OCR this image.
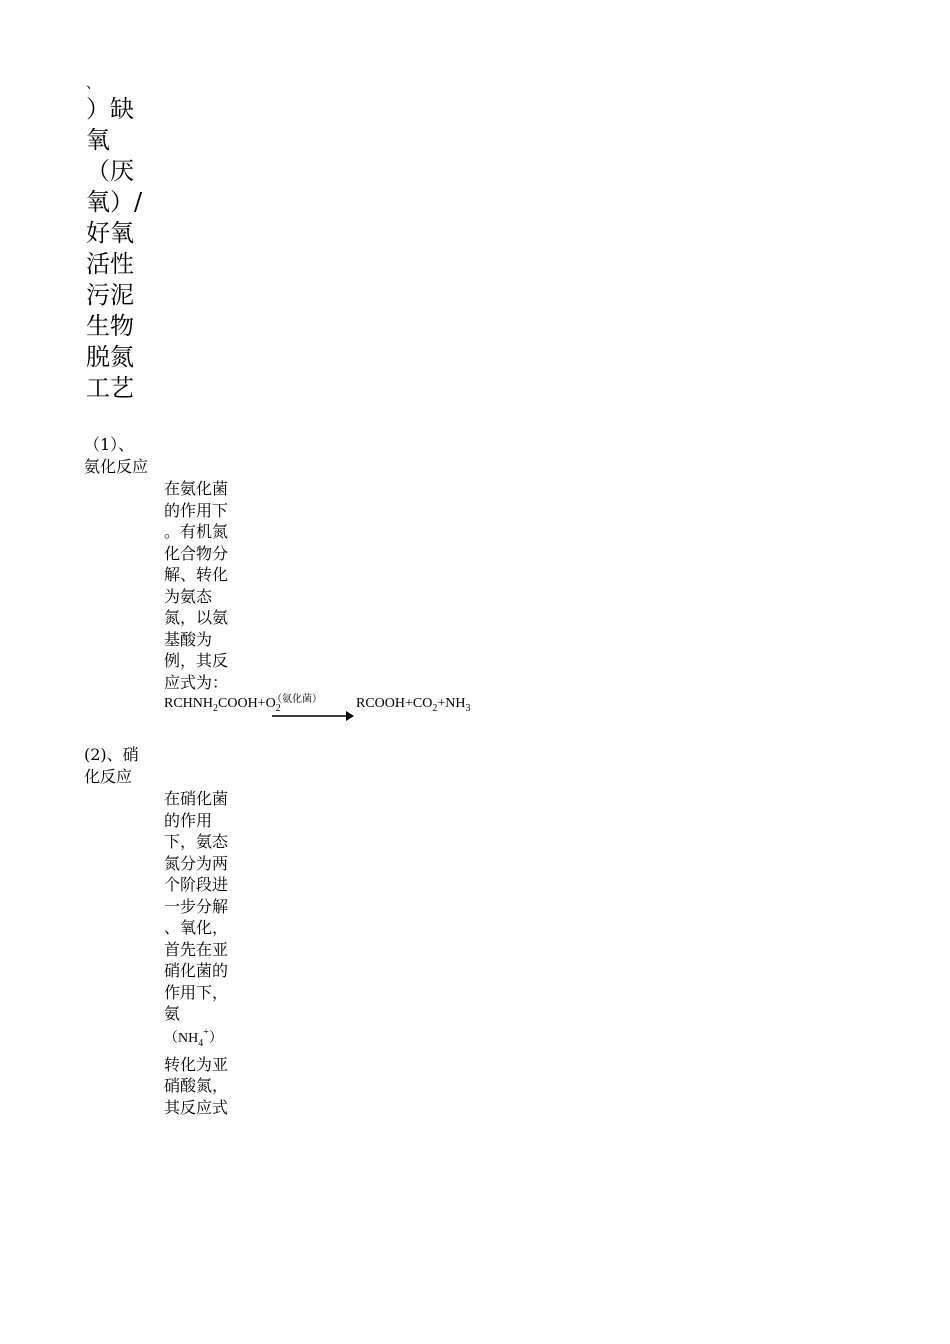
、
）缺
氧
（厌
氧）/
好氧
活性
污泥
生物
脱氮
工艺
（1）、
氨化反应
在氨化菌
的作用下
。有机氮
化合物分
解、转化
为氨态
氮，以氨
基酸为
例，其反
应式为：
$RCHNH_2COOH+O_2$
（氨化菌） $RCOOH+CO_2+NH_3$
(2)、硝
化反应
在硝化菌
的作用
下，氨态
氮分为两
个阶段进
一步分解
、氧化，
首先在亚
硝化菌的
作用下，
氨
$(NH_4^+)$
转化为亚
硝酸氮，
其反应式
